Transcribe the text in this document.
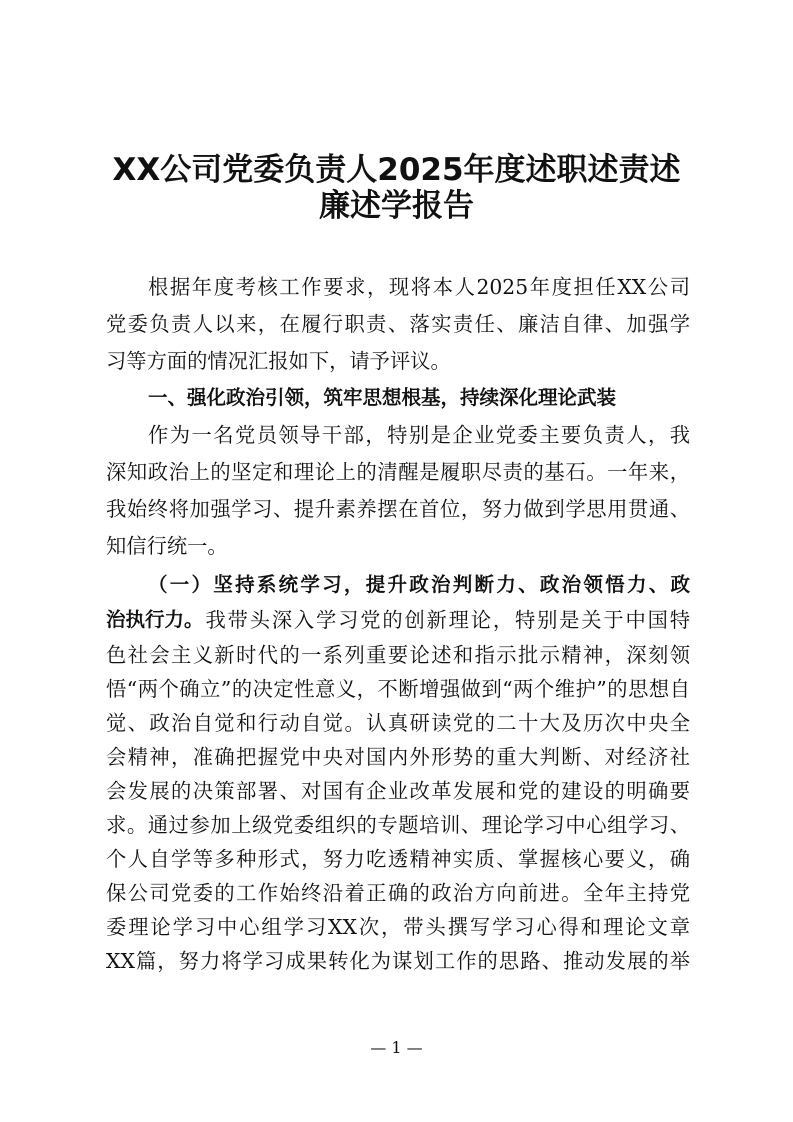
XX公司党委负责人2025年度述职述责述
廉述学报告
根据年度考核工作要求，现将本人2025年度担任XX公司
党委负责人以来，在履行职责、落实责任、廉洁自律、加强学
习等方面的情况汇报如下，请予评议。
一、强化政治引领，筑牢思想根基，持续深化理论武装
作为一名党员领导干部，特别是企业党委主要负责人，我
深知政治上的坚定和理论上的清醒是履职尽责的基石。一年来，
我始终将加强学习、提升素养摆在首位，努力做到学思用贯通、
知信行统一。
（一）坚持系统学习，提升政治判断力、政治领悟力、政
治执行力。 我带头深入学习党的创新理论，特别是关于中国特
色社会主义新时代的一系列重要论述和指示批示精神，深刻领
悟“两个确立”的决定性意义，不断增强做到“两个维护”的思想自
觉、政治自觉和行动自觉。认真研读党的二十大及历次中央全
会精神，准确把握党中央对国内外形势的重大判断、对经济社
会发展的决策部署、对国有企业改革发展和党的建设的明确要
求。通过参加上级党委组织的专题培训、理论学习中心组学习、
个人自学等多种形式，努力吃透精神实质、掌握核心要义，确
保公司党委的工作始终沿着正确的政治方向前进。全年主持党
委理论学习中心组学习XX次，带头撰写学习心得和理论文章
XX篇，努力将学习成果转化为谋划工作的思路、推动发展的举
— 1 —
